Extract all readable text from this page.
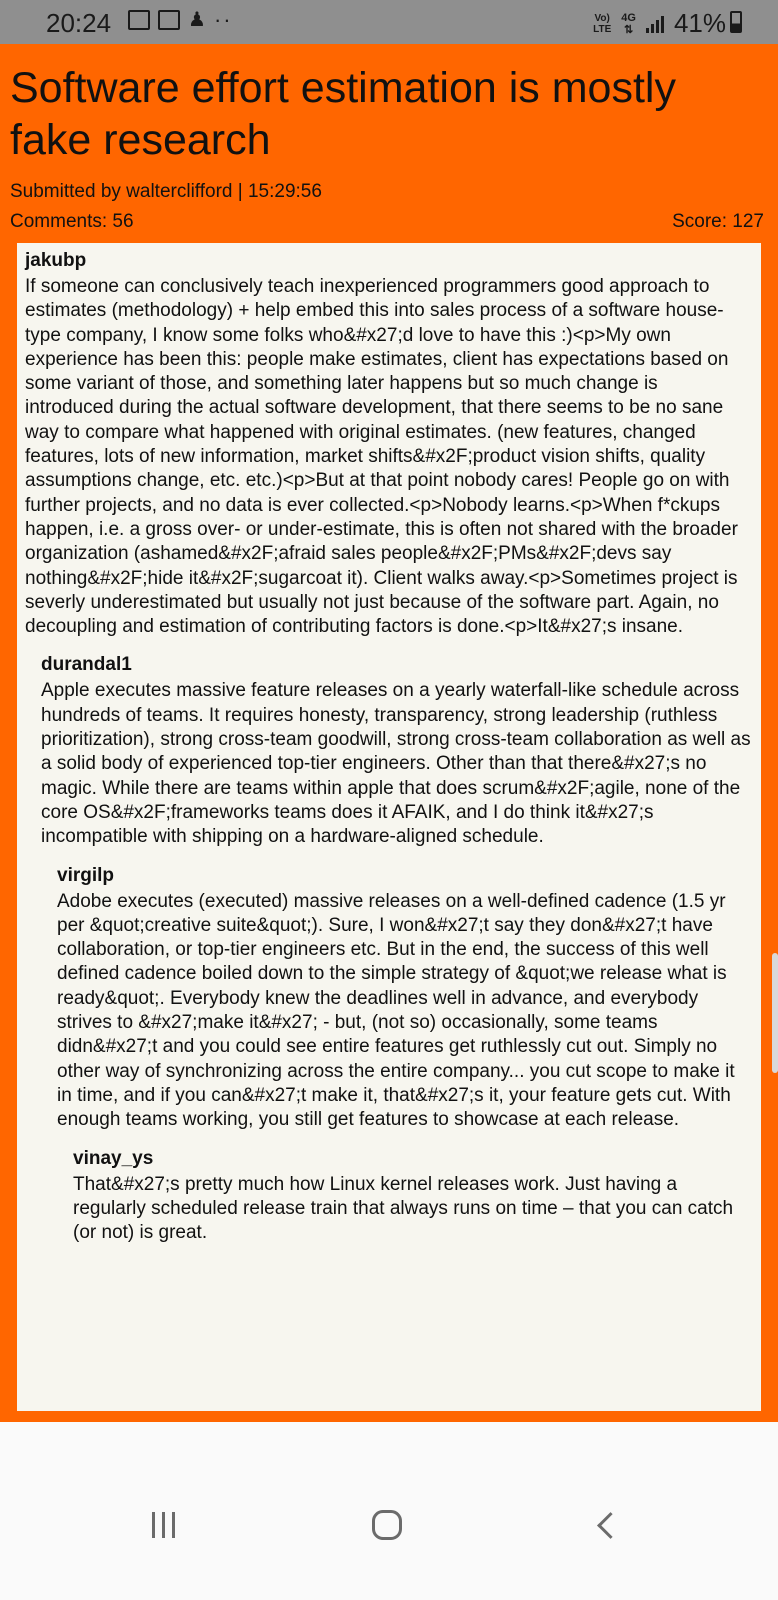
20:24	♟ ··	Vo)
LTE
4G
⇅ 41%
Software effort estimation is mostly fake research
Submitted by walterclifford | 15:29:56
Comments: 56	Score: 127
jakubp
If someone can conclusively teach inexperienced programmers good approach to estimates (methodology) + help embed this into sales process of a software house-type company, I know some folks who&#x27;d love to have this :)<p>My own experience has been this: people make estimates, client has expectations based on some variant of those, and something later happens but so much change is introduced during the actual software development, that there seems to be no sane way to compare what happened with original estimates. (new features, changed features, lots of new information, market shifts&#x2F;product vision shifts, quality assumptions change, etc. etc.)<p>But at that point nobody cares! People go on with further projects, and no data is ever collected.<p>Nobody learns.<p>When f*ckups happen, i.e. a gross over- or under-estimate, this is often not shared with the broader organization (ashamed&#x2F;afraid sales people&#x2F;PMs&#x2F;devs say nothing&#x2F;hide it&#x2F;sugarcoat it). Client walks away.<p>Sometimes project is severly underestimated but usually not just because of the software part. Again, no decoupling and estimation of contributing factors is done.<p>It&#x27;s insane.
durandal1
Apple executes massive feature releases on a yearly waterfall-like schedule across hundreds of teams. It requires honesty, transparency, strong leadership (ruthless prioritization), strong cross-team goodwill, strong cross-team collaboration as well as a solid body of experienced top-tier engineers. Other than that there&#x27;s no magic. While there are teams within apple that does scrum&#x2F;agile, none of the core OS&#x2F;frameworks teams does it AFAIK, and I do think it&#x27;s incompatible with shipping on a hardware-aligned schedule.
virgilp
Adobe executes (executed) massive releases on a well-defined cadence (1.5 yr per &quot;creative suite&quot;). Sure, I won&#x27;t say they don&#x27;t have collaboration, or top-tier engineers etc. But in the end, the success of this well defined cadence boiled down to the simple strategy of &quot;we release what is ready&quot;. Everybody knew the deadlines well in advance, and everybody strives to &#x27;make it&#x27; - but, (not so) occasionally, some teams didn&#x27;t and you could see entire features get ruthlessly cut out. Simply no other way of synchronizing across the entire company... you cut scope to make it in time, and if you can&#x27;t make it, that&#x27;s it, your feature gets cut. With enough teams working, you still get features to showcase at each release.
vinay_ys
That&#x27;s pretty much how Linux kernel releases work. Just having a regularly scheduled release train that always runs on time – that you can catch (or not) is great.
